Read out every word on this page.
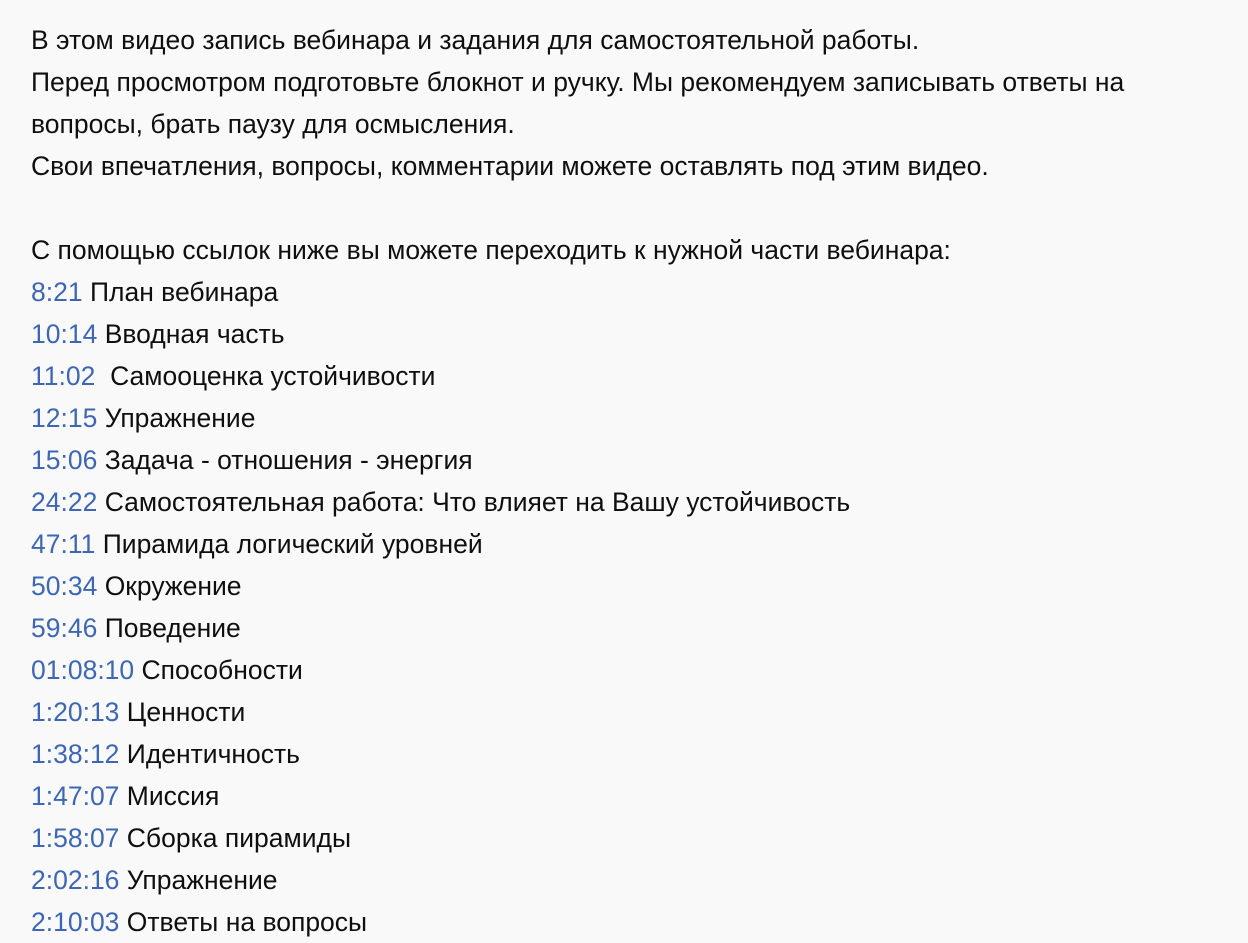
В этом видео запись вебинара и задания для самостоятельной работы.
Перед просмотром подготовьте блокнот и ручку. Мы рекомендуем записывать ответы на
вопросы, брать паузу для осмысления.
Свои впечатления, вопросы, комментарии можете оставлять под этим видео.
С помощью ссылок ниже вы можете переходить к нужной части вебинара:
8:21 План вебинара
10:14 Вводная часть
11:02  Самооценка устойчивости
12:15 Упражнение
15:06 Задача - отношения - энергия
24:22 Самостоятельная работа: Что влияет на Вашу устойчивость
47:11 Пирамида логический уровней
50:34 Окружение
59:46 Поведение
01:08:10 Способности
1:20:13 Ценности
1:38:12 Идентичность
1:47:07 Миссия
1:58:07 Сборка пирамиды
2:02:16 Упражнение
2:10:03 Ответы на вопросы
